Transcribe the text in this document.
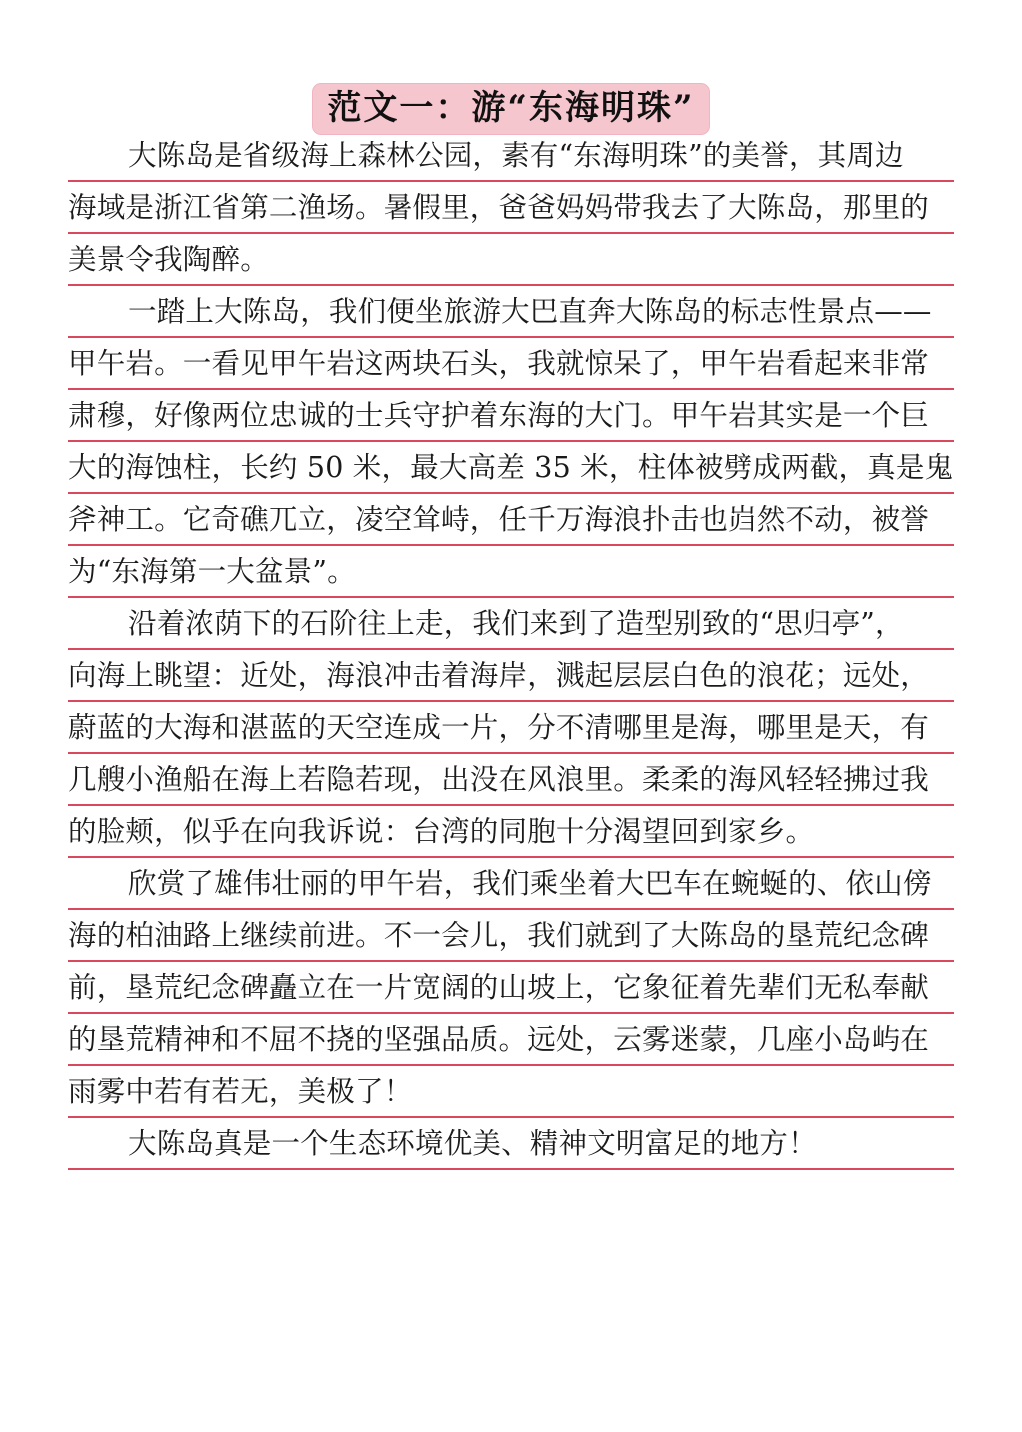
范文一：游“东海明珠”
大陈岛是省级海上森林公园，素有“东海明珠”的美誉，其周边
海域是浙江省第二渔场。暑假里，爸爸妈妈带我去了大陈岛，那里的
美景令我陶醉。
一踏上大陈岛，我们便坐旅游大巴直奔大陈岛的标志性景点——
甲午岩。一看见甲午岩这两块石头，我就惊呆了，甲午岩看起来非常
肃穆，好像两位忠诚的士兵守护着东海的大门。甲午岩其实是一个巨
大的海蚀柱，长约 50 米，最大高差 35 米，柱体被劈成两截，真是鬼
斧神工。它奇礁兀立，凌空耸峙，任千万海浪扑击也岿然不动，被誉
为“东海第一大盆景”。
沿着浓荫下的石阶往上走，我们来到了造型别致的“思归亭”，
向海上眺望：近处，海浪冲击着海岸，溅起层层白色的浪花；远处，
蔚蓝的大海和湛蓝的天空连成一片，分不清哪里是海，哪里是天，有
几艘小渔船在海上若隐若现，出没在风浪里。柔柔的海风轻轻拂过我
的脸颊，似乎在向我诉说：台湾的同胞十分渴望回到家乡。
欣赏了雄伟壮丽的甲午岩，我们乘坐着大巴车在蜿蜒的、依山傍
海的柏油路上继续前进。不一会儿，我们就到了大陈岛的垦荒纪念碑
前，垦荒纪念碑矗立在一片宽阔的山坡上，它象征着先辈们无私奉献
的垦荒精神和不屈不挠的坚强品质。远处，云雾迷蒙，几座小岛屿在
雨雾中若有若无，美极了！
大陈岛真是一个生态环境优美、精神文明富足的地方！
